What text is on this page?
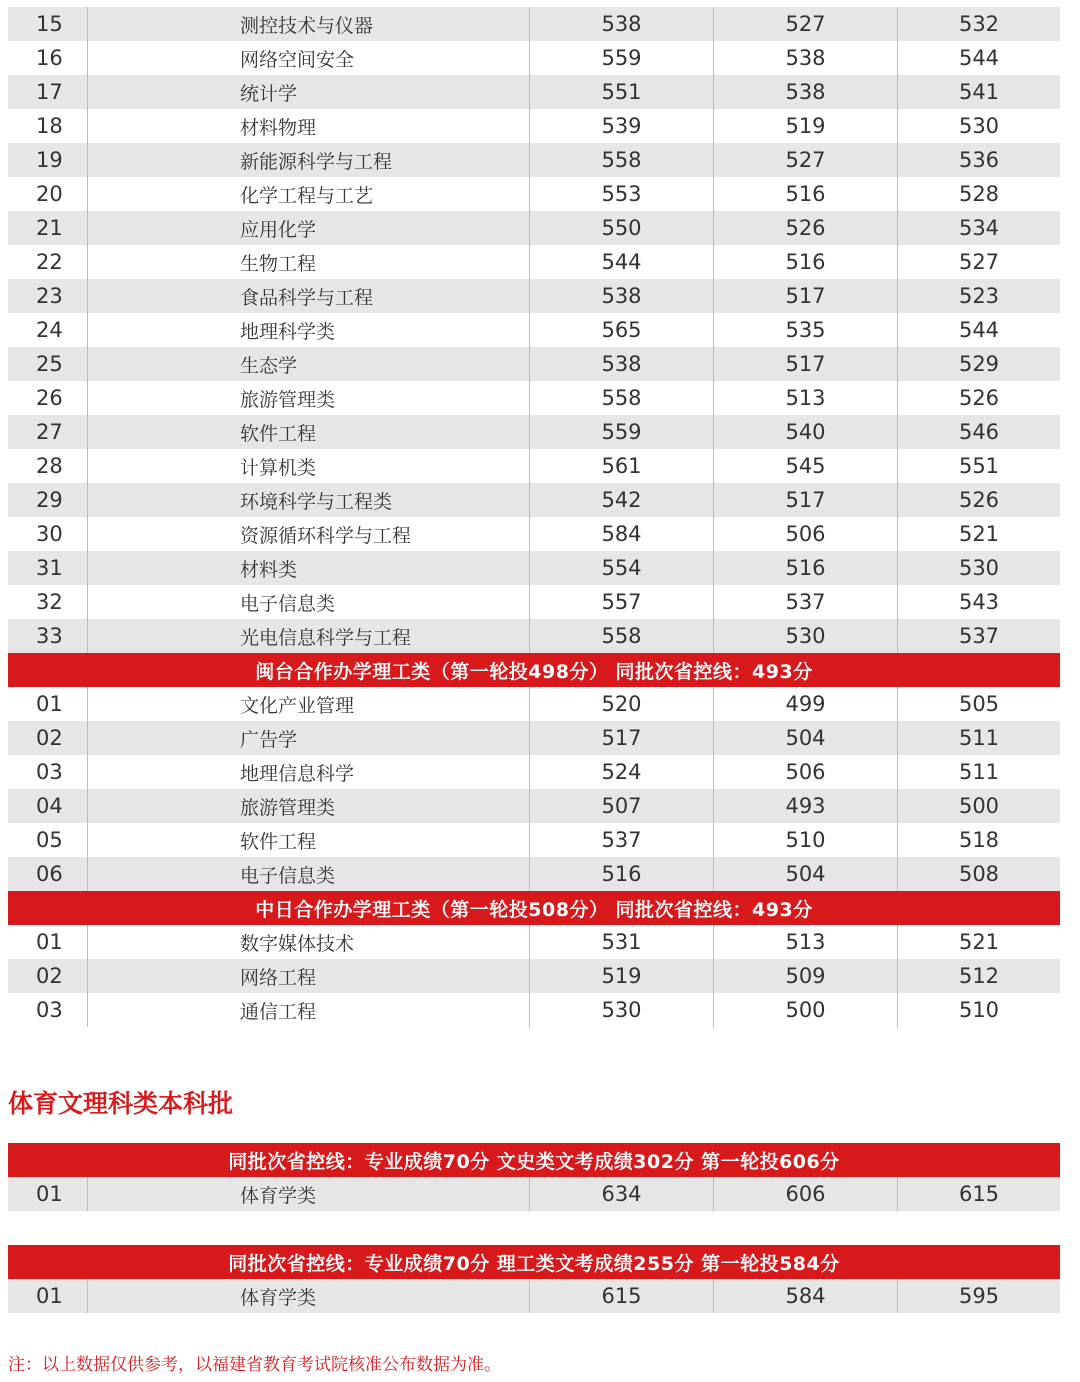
15	测控技术与仪器	538	527	532
16	网络空间安全	559	538	544
17	统计学	551	538	541
18	材料物理	539	519	530
19	新能源科学与工程	558	527	536
20	化学工程与工艺	553	516	528
21	应用化学	550	526	534
22	生物工程	544	516	527
23	食品科学与工程	538	517	523
24	地理科学类	565	535	544
25	生态学	538	517	529
26	旅游管理类	558	513	526
27	软件工程	559	540	546
28	计算机类	561	545	551
29	环境科学与工程类	542	517	526
30	资源循环科学与工程	584	506	521
31	材料类	554	516	530
32	电子信息类	557	537	543
33	光电信息科学与工程	558	530	537
闽台合作办学理工类（第一轮投498分） 同批次省控线：493分
01	文化产业管理	520	499	505
02	广告学	517	504	511
03	地理信息科学	524	506	511
04	旅游管理类	507	493	500
05	软件工程	537	510	518
06	电子信息类	516	504	508
中日合作办学理工类（第一轮投508分） 同批次省控线：493分
01	数字媒体技术	531	513	521
02	网络工程	519	509	512
03	通信工程	530	500	510
体育文理科类本科批
同批次省控线：专业成绩70分 文史类文考成绩302分 第一轮投606分
01	体育学类	634	606	615
同批次省控线：专业成绩70分 理工类文考成绩255分 第一轮投584分
01	体育学类	615	584	595
注：以上数据仅供参考，以福建省教育考试院核准公布数据为准。
